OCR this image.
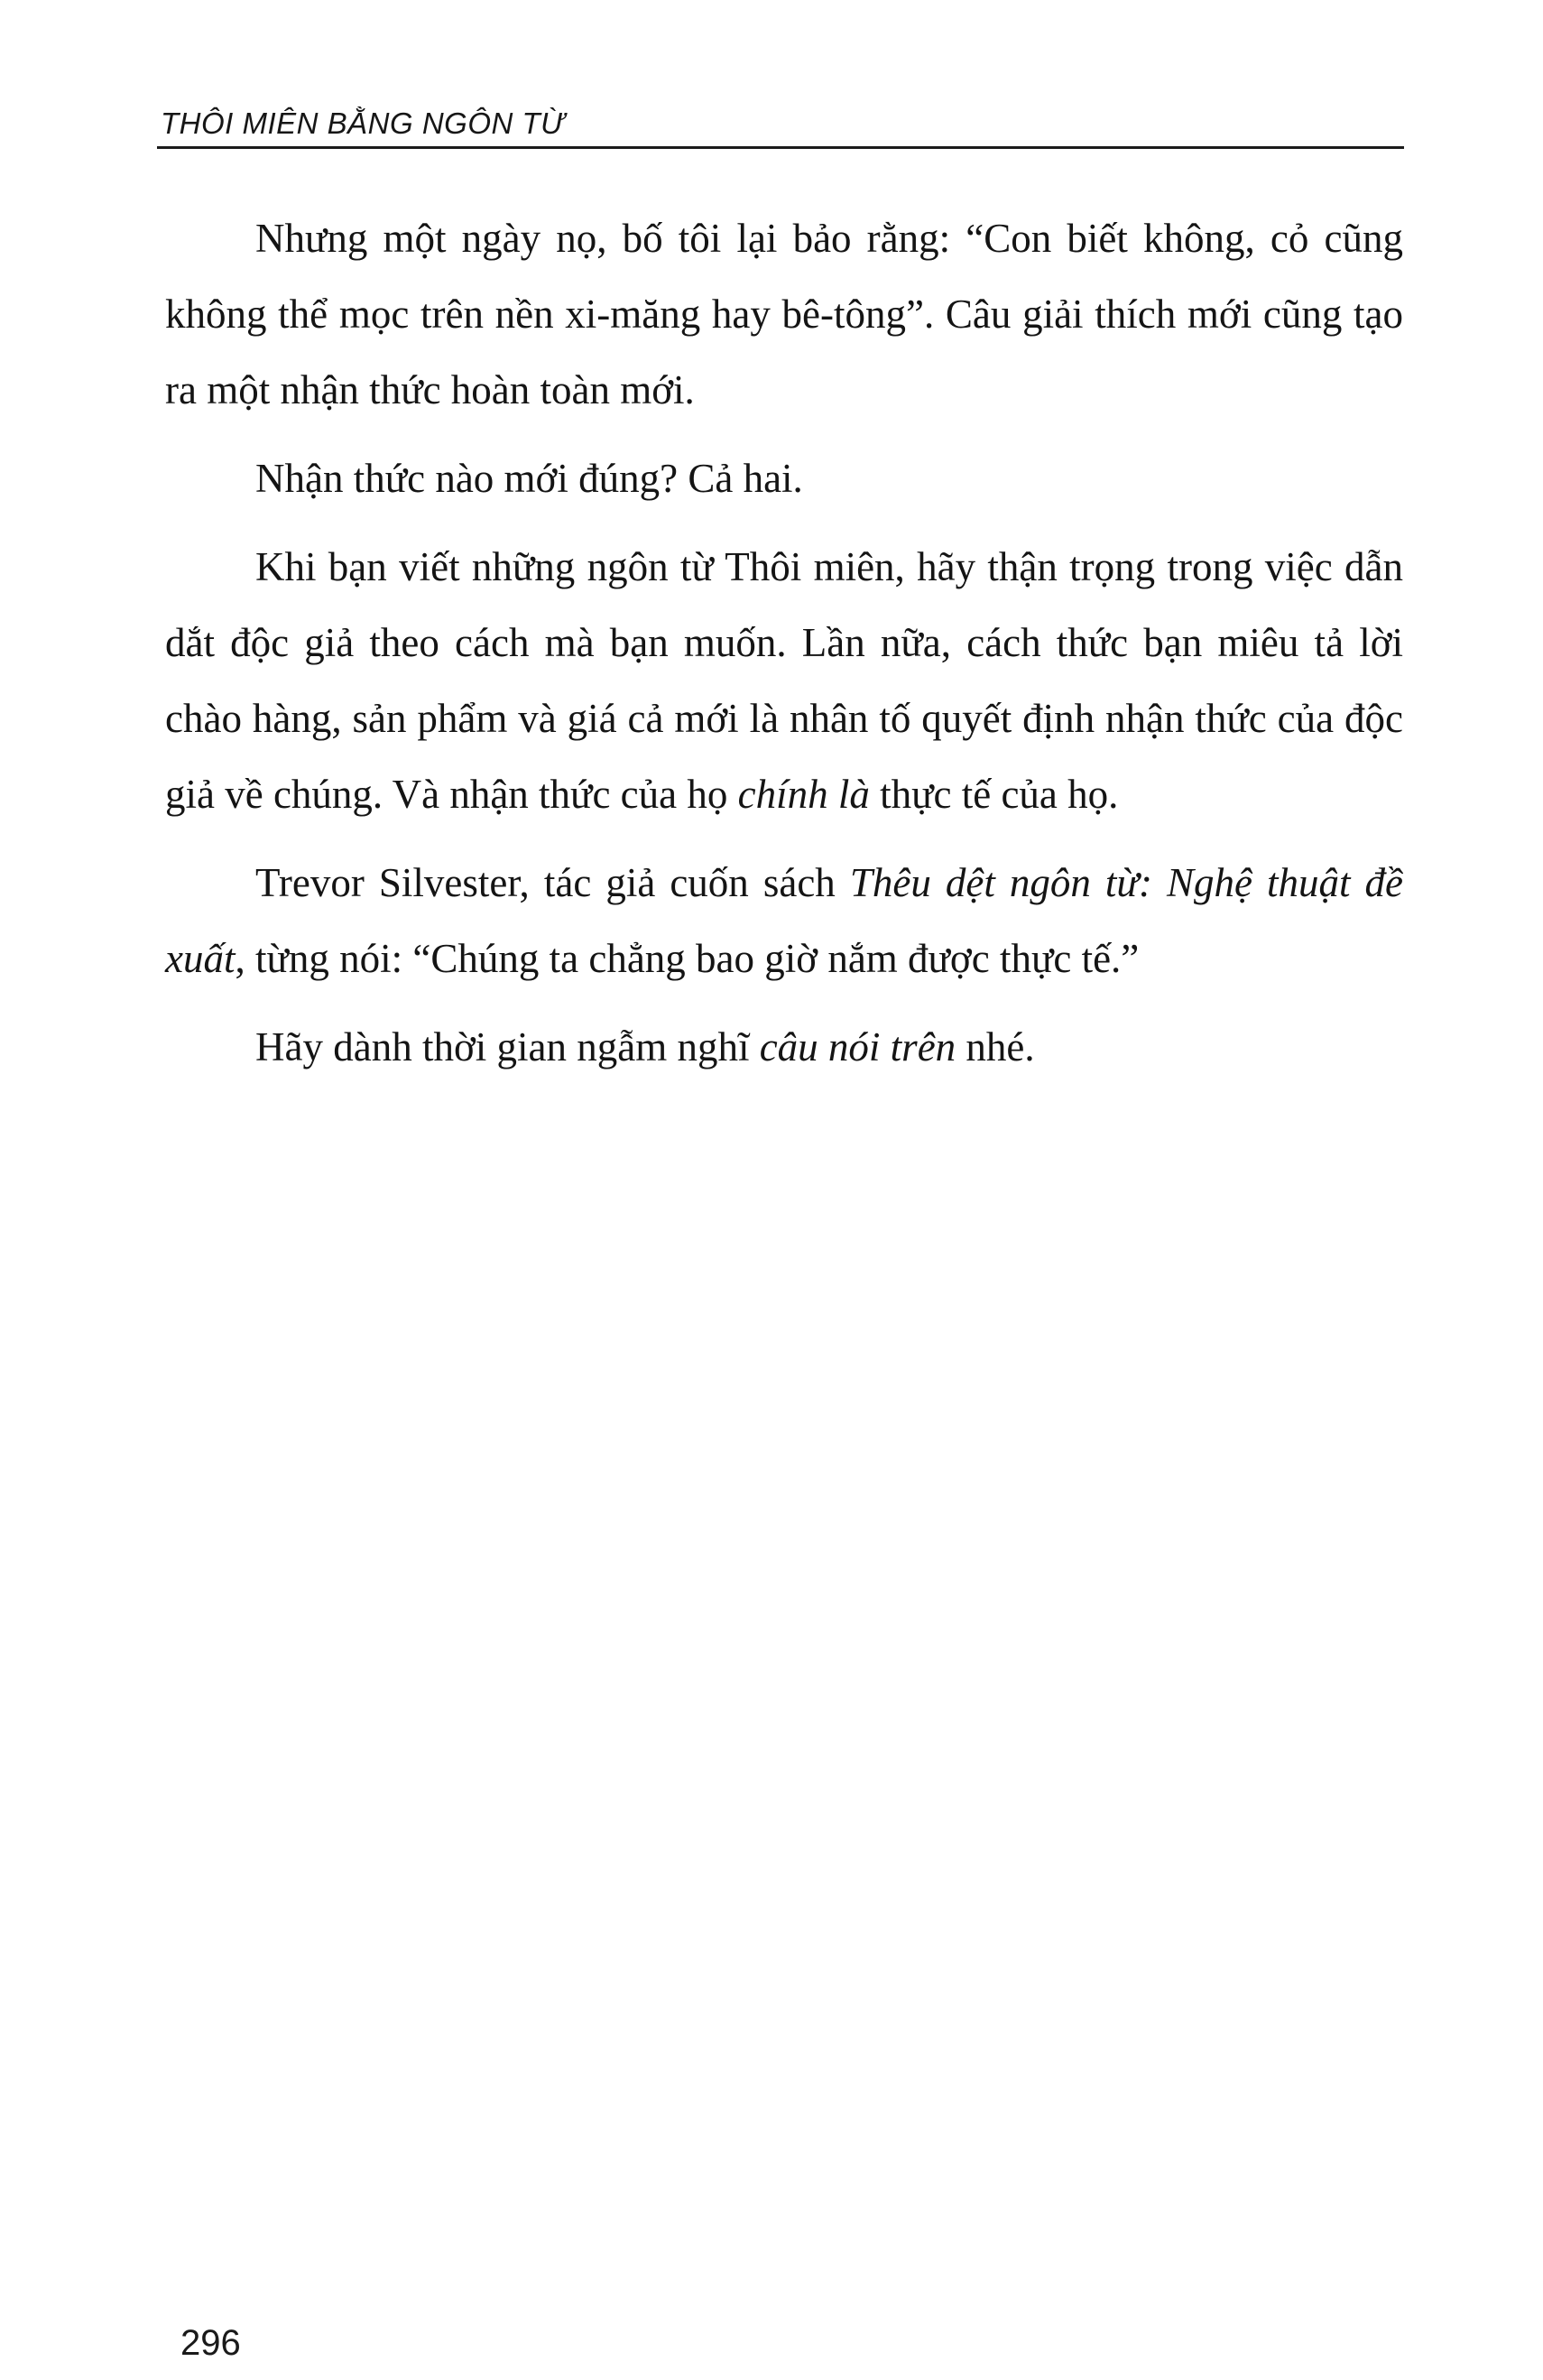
THÔI MIÊN BẰNG NGÔN TỪ

Nhưng một ngày nọ, bố tôi lại bảo rằng: “Con biết không, cỏ cũng không thể mọc trên nền xi-măng hay bê-tông”. Câu giải thích mới cũng tạo ra một nhận thức hoàn toàn mới.

Nhận thức nào mới đúng? Cả hai.

Khi bạn viết những ngôn từ Thôi miên, hãy thận trọng trong việc dẫn dắt độc giả theo cách mà bạn muốn. Lần nữa, cách thức bạn miêu tả lời chào hàng, sản phẩm và giá cả mới là nhân tố quyết định nhận thức của độc giả về chúng. Và nhận thức của họ chính là thực tế của họ.

Trevor Silvester, tác giả cuốn sách Thêu dệt ngôn từ: Nghệ thuật đề xuất, từng nói: “Chúng ta chẳng bao giờ nắm được thực tế.”

Hãy dành thời gian ngẫm nghĩ câu nói trên nhé.

296
